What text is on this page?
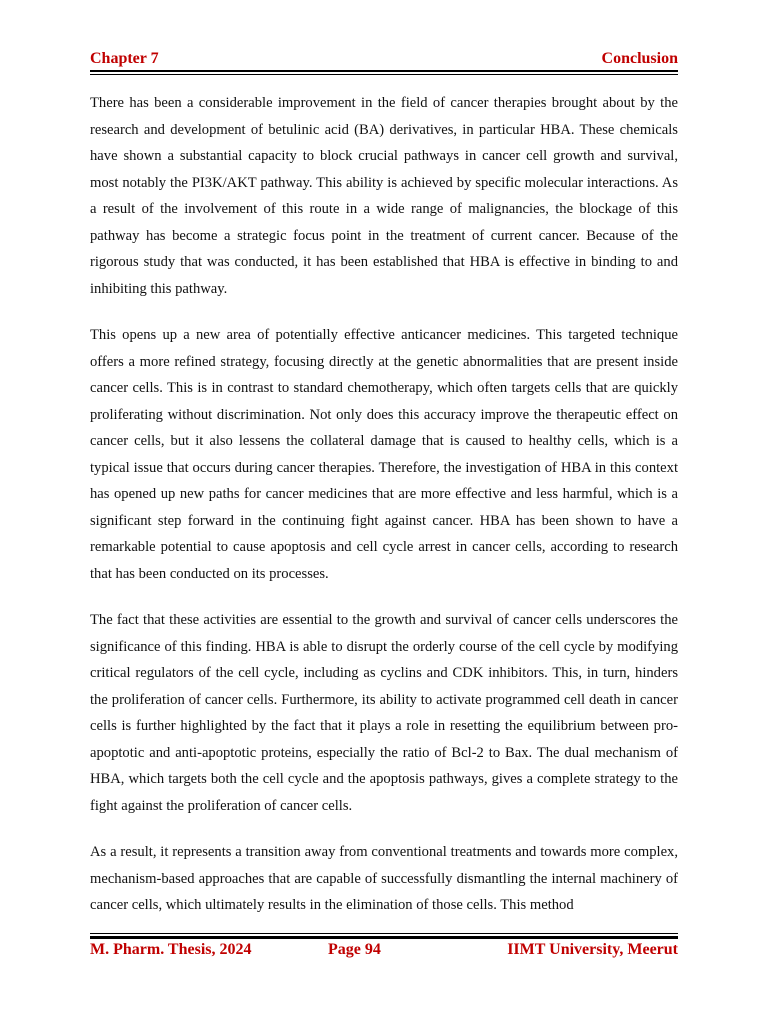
Chapter 7	Conclusion

There has been a considerable improvement in the field of cancer therapies brought about by the research and development of betulinic acid (BA) derivatives, in particular HBA. These chemicals have shown a substantial capacity to block crucial pathways in cancer cell growth and survival, most notably the PI3K/AKT pathway. This ability is achieved by specific molecular interactions. As a result of the involvement of this route in a wide range of malignancies, the blockage of this pathway has become a strategic focus point in the treatment of current cancer. Because of the rigorous study that was conducted, it has been established that HBA is effective in binding to and inhibiting this pathway.

This opens up a new area of potentially effective anticancer medicines. This targeted technique offers a more refined strategy, focusing directly at the genetic abnormalities that are present inside cancer cells. This is in contrast to standard chemotherapy, which often targets cells that are quickly proliferating without discrimination. Not only does this accuracy improve the therapeutic effect on cancer cells, but it also lessens the collateral damage that is caused to healthy cells, which is a typical issue that occurs during cancer therapies. Therefore, the investigation of HBA in this context has opened up new paths for cancer medicines that are more effective and less harmful, which is a significant step forward in the continuing fight against cancer. HBA has been shown to have a remarkable potential to cause apoptosis and cell cycle arrest in cancer cells, according to research that has been conducted on its processes.

The fact that these activities are essential to the growth and survival of cancer cells underscores the significance of this finding. HBA is able to disrupt the orderly course of the cell cycle by modifying critical regulators of the cell cycle, including as cyclins and CDK inhibitors. This, in turn, hinders the proliferation of cancer cells. Furthermore, its ability to activate programmed cell death in cancer cells is further highlighted by the fact that it plays a role in resetting the equilibrium between pro-apoptotic and anti-apoptotic proteins, especially the ratio of Bcl-2 to Bax. The dual mechanism of HBA, which targets both the cell cycle and the apoptosis pathways, gives a complete strategy to the fight against the proliferation of cancer cells.

As a result, it represents a transition away from conventional treatments and towards more complex, mechanism-based approaches that are capable of successfully dismantling the internal machinery of cancer cells, which ultimately results in the elimination of those cells. This method

M. Pharm. Thesis, 2024	Page 94	IIMT University, Meerut
